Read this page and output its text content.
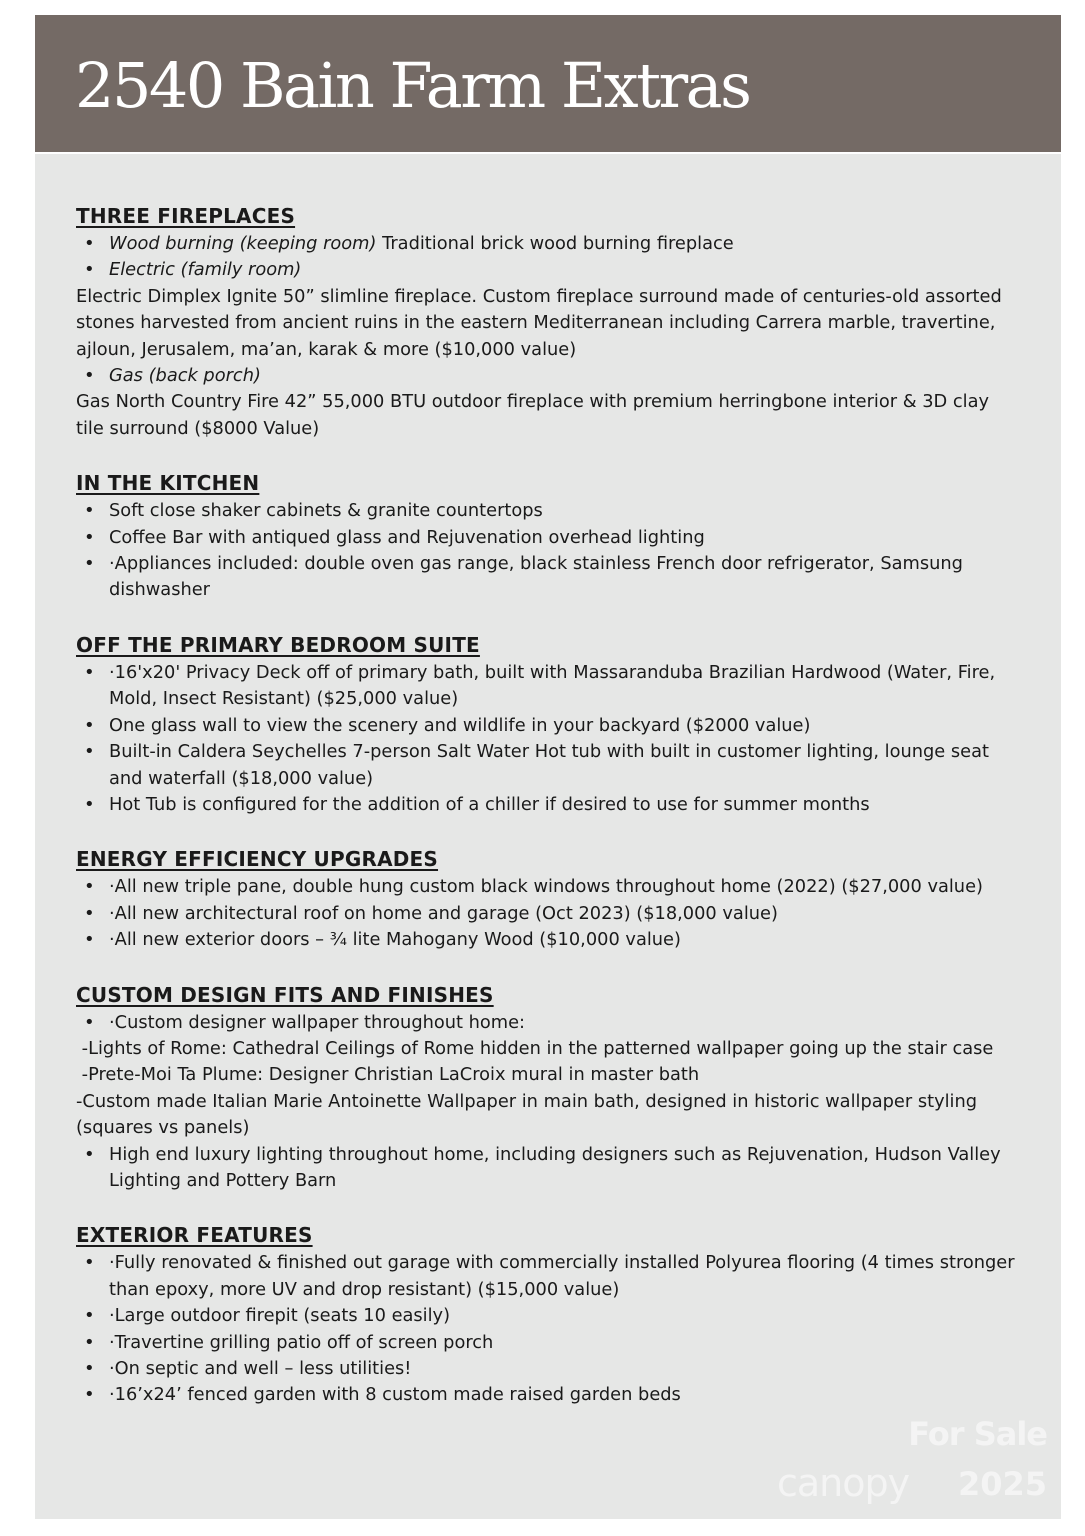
2540 Bain Farm Extras
THREE FIREPLACES
• Wood burning (keeping room) Traditional brick wood burning fireplace
• Electric (family room)

Electric Dimplex Ignite 50” slimline fireplace. Custom fireplace surround made of centuries-old assorted stones harvested from ancient ruins in the eastern Mediterranean including Carrera marble, travertine, ajloun, Jerusalem, ma’an, karak & more ($10,000 value)

• Gas (back porch)

Gas North Country Fire 42” 55,000 BTU outdoor fireplace with premium herringbone interior & 3D clay tile surround ($8000 Value)

IN THE KITCHEN
• Soft close shaker cabinets & granite countertops
• Coffee Bar with antiqued glass and Rejuvenation overhead lighting
• ·Appliances included: double oven gas range, black stainless French door refrigerator, Samsung dishwasher
OFF THE PRIMARY BEDROOM SUITE
• ·16'x20' Privacy Deck off of primary bath, built with Massaranduba Brazilian Hardwood (Water, Fire, Mold, Insect Resistant) ($25,000 value)
• One glass wall to view the scenery and wildlife in your backyard ($2000 value)
• Built-in Caldera Seychelles 7-person Salt Water Hot tub with built in customer lighting, lounge seat and waterfall ($18,000 value)
• Hot Tub is configured for the addition of a chiller if desired to use for summer months
ENERGY EFFICIENCY UPGRADES
• ·All new triple pane, double hung custom black windows throughout home (2022) ($27,000 value)
• ·All new architectural roof on home and garage (Oct 2023) ($18,000 value)
• ·All new exterior doors – ¾ lite Mahogany Wood ($10,000 value)
CUSTOM DESIGN FITS AND FINISHES
• ·Custom designer wallpaper throughout home:

-Lights of Rome: Cathedral Ceilings of Rome hidden in the patterned wallpaper going up the stair case

-Prete-Moi Ta Plume: Designer Christian LaCroix mural in master bath

-Custom made Italian Marie Antoinette Wallpaper in main bath, designed in historic wallpaper styling (squares vs panels)

• High end luxury lighting throughout home, including designers such as Rejuvenation, Hudson Valley Lighting and Pottery Barn
EXTERIOR FEATURES
• ·Fully renovated & finished out garage with commercially installed Polyurea flooring (4 times stronger than epoxy, more UV and drop resistant) ($15,000 value)
• ·Large outdoor firepit (seats 10 easily)
• ·Travertine grilling patio off of screen porch
• ·On septic and well – less utilities!
• ·16’x24’ fenced garden with 8 custom made raised garden beds
For Sale
canopy 2025
